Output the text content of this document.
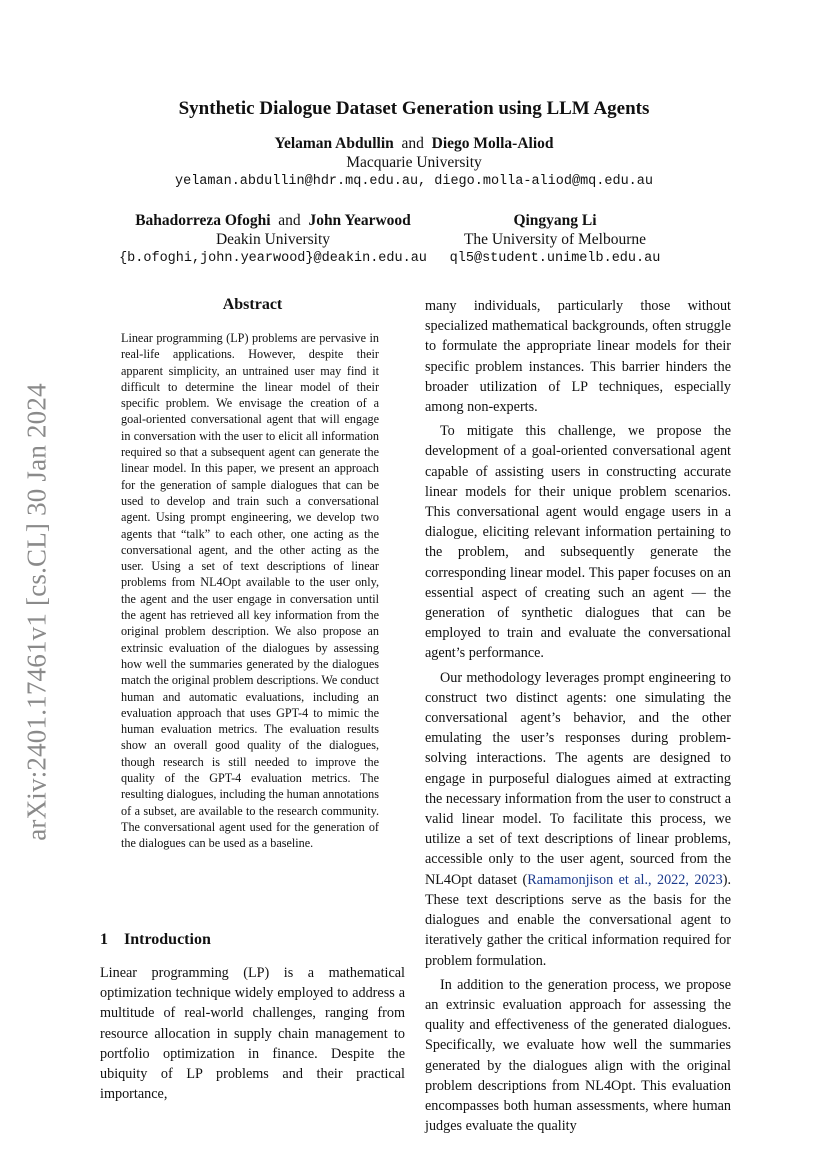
arXiv:2401.17461v1 [cs.CL] 30 Jan 2024
Synthetic Dialogue Dataset Generation using LLM Agents
Yelaman Abdullin and Diego Molla-Aliod
Macquarie University
yelaman.abdullin@hdr.mq.edu.au, diego.molla-aliod@mq.edu.au
Bahadorreza Ofoghi and John Yearwood
Deakin University
{b.ofoghi,john.yearwood}@deakin.edu.au
Qingyang Li
The University of Melbourne
ql5@student.unimelb.edu.au
Abstract
Linear programming (LP) problems are pervasive in real-life applications. However, despite their apparent simplicity, an untrained user may find it difficult to determine the linear model of their specific problem. We envisage the creation of a goal-oriented conversational agent that will engage in conversation with the user to elicit all information required so that a subsequent agent can generate the linear model. In this paper, we present an approach for the generation of sample dialogues that can be used to develop and train such a conversational agent. Using prompt engineering, we develop two agents that “talk” to each other, one acting as the conversational agent, and the other acting as the user. Using a set of text descriptions of linear problems from NL4Opt available to the user only, the agent and the user engage in conversation until the agent has retrieved all key information from the original problem description. We also propose an extrinsic evaluation of the dialogues by assessing how well the summaries generated by the dialogues match the original problem descriptions. We conduct human and automatic evaluations, including an evaluation approach that uses GPT-4 to mimic the human evaluation metrics. The evaluation results show an overall good quality of the dialogues, though research is still needed to improve the quality of the GPT-4 evaluation metrics. The resulting dialogues, including the human annotations of a subset, are available to the research community. The conversational agent used for the generation of the dialogues can be used as a baseline.
1 Introduction

Linear programming (LP) is a mathematical optimization technique widely employed to address a multitude of real-world challenges, ranging from resource allocation in supply chain management to portfolio optimization in finance. Despite the ubiquity of LP problems and their practical importance,

many individuals, particularly those without specialized mathematical backgrounds, often struggle to formulate the appropriate linear models for their specific problem instances. This barrier hinders the broader utilization of LP techniques, especially among non-experts.

To mitigate this challenge, we propose the development of a goal-oriented conversational agent capable of assisting users in constructing accurate linear models for their unique problem scenarios. This conversational agent would engage users in a dialogue, eliciting relevant information pertaining to the problem, and subsequently generate the corresponding linear model. This paper focuses on an essential aspect of creating such an agent — the generation of synthetic dialogues that can be employed to train and evaluate the conversational agent’s performance.

Our methodology leverages prompt engineering to construct two distinct agents: one simulating the conversational agent’s behavior, and the other emulating the user’s responses during problem-solving interactions. The agents are designed to engage in purposeful dialogues aimed at extracting the necessary information from the user to construct a valid linear model. To facilitate this process, we utilize a set of text descriptions of linear problems, accessible only to the user agent, sourced from the NL4Opt dataset (Ramamonjison et al., 2022, 2023). These text descriptions serve as the basis for the dialogues and enable the conversational agent to iteratively gather the critical information required for problem formulation.

In addition to the generation process, we propose an extrinsic evaluation approach for assessing the quality and effectiveness of the generated dialogues. Specifically, we evaluate how well the summaries generated by the dialogues align with the original problem descriptions from NL4Opt. This evaluation encompasses both human assessments, where human judges evaluate the quality
